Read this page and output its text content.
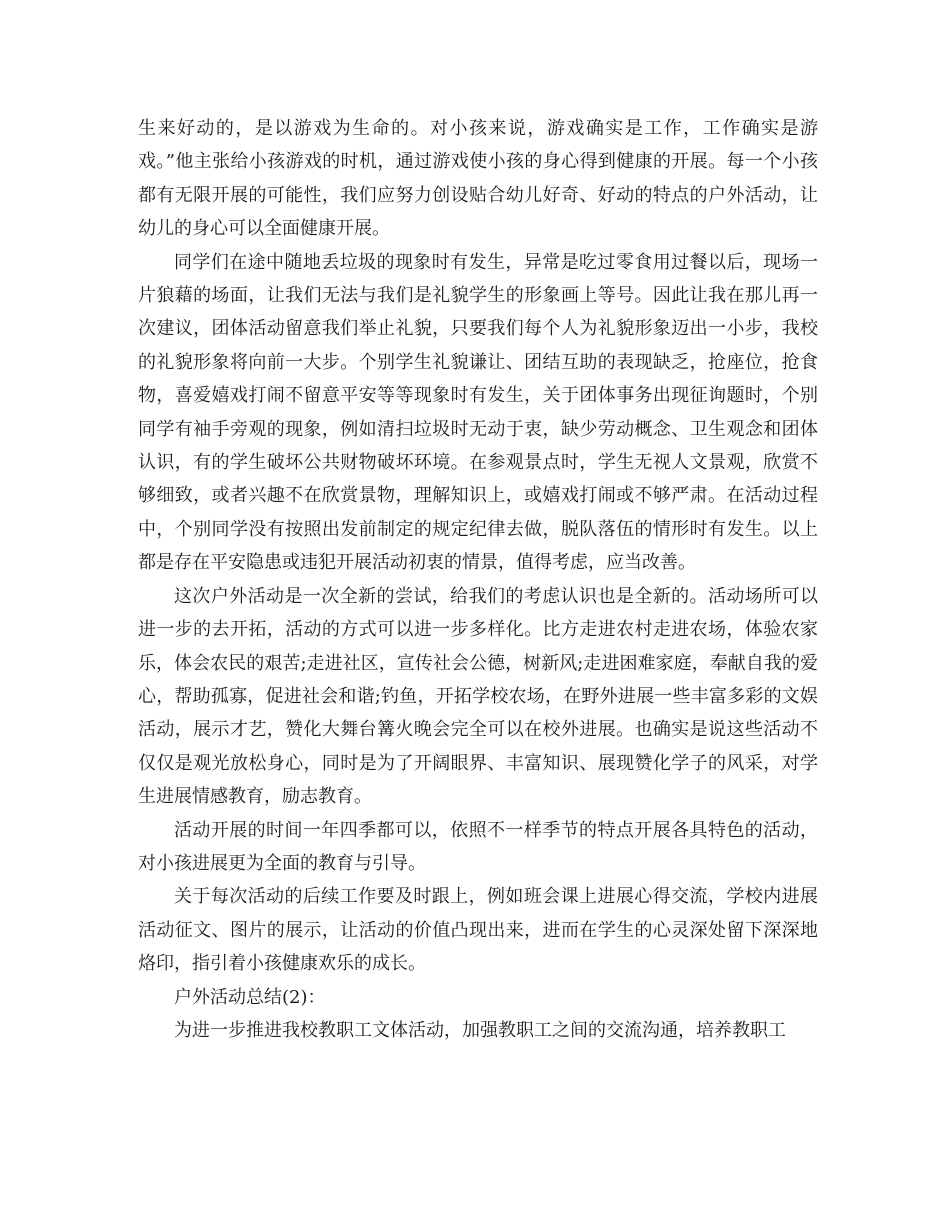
生来好动的，是以游戏为生命的。对小孩来说，游戏确实是工作，工作确实是游戏。”他主张给小孩游戏的时机，通过游戏使小孩的身心得到健康的开展。每一个小孩都有无限开展的可能性，我们应努力创设贴合幼儿好奇、好动的特点的户外活动，让幼儿的身心可以全面健康开展。

同学们在途中随地丢垃圾的现象时有发生，异常是吃过零食用过餐以后，现场一片狼藉的场面，让我们无法与我们是礼貌学生的形象画上等号。因此让我在那儿再一次建议，团体活动留意我们举止礼貌，只要我们每个人为礼貌形象迈出一小步，我校的礼貌形象将向前一大步。个别学生礼貌谦让、团结互助的表现缺乏，抢座位，抢食物，喜爱嬉戏打闹不留意平安等等现象时有发生，关于团体事务出现征询题时，个别同学有袖手旁观的现象，例如清扫垃圾时无动于衷，缺少劳动概念、卫生观念和团体认识，有的学生破坏公共财物破坏环境。在参观景点时，学生无视人文景观，欣赏不够细致，或者兴趣不在欣赏景物，理解知识上，或嬉戏打闹或不够严肃。在活动过程中，个别同学没有按照出发前制定的规定纪律去做，脱队落伍的情形时有发生。以上都是存在平安隐患或违犯开展活动初衷的情景，值得考虑，应当改善。

这次户外活动是一次全新的尝试，给我们的考虑认识也是全新的。活动场所可以进一步的去开拓，活动的方式可以进一步多样化。比方走进农村走进农场，体验农家乐，体会农民的艰苦;走进社区，宣传社会公德，树新风;走进困难家庭，奉献自我的爱心，帮助孤寡，促进社会和谐;钓鱼，开拓学校农场，在野外进展一些丰富多彩的文娱活动，展示才艺，赞化大舞台篝火晚会完全可以在校外进展。也确实是说这些活动不仅仅是观光放松身心，同时是为了开阔眼界、丰富知识、展现赞化学子的风采，对学生进展情感教育，励志教育。

活动开展的时间一年四季都可以，依照不一样季节的特点开展各具特色的活动，对小孩进展更为全面的教育与引导。

关于每次活动的后续工作要及时跟上，例如班会课上进展心得交流，学校内进展活动征文、图片的展示，让活动的价值凸现出来，进而在学生的心灵深处留下深深地烙印，指引着小孩健康欢乐的成长。

户外活动总结(2)：

为进一步推进我校教职工文体活动，加强教职工之间的交流沟通，培养教职工
